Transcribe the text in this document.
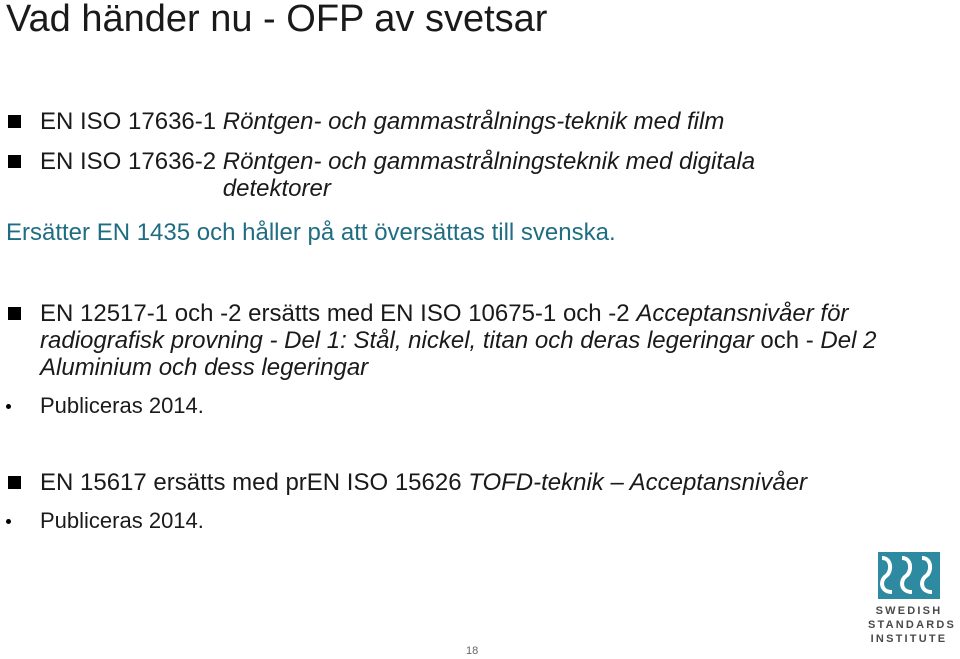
Vad händer nu - OFP av svetsar
EN ISO 17636-1 Röntgen- och gammastrålnings-teknik med film
EN ISO 17636-2 Röntgen- och gammastrålningsteknik med digitala detektorer
Ersätter EN 1435 och håller på att översättas till svenska.
EN 12517-1 och -2 ersätts med EN ISO 10675-1 och -2 Acceptansnivåer för radiografisk provning - Del 1: Stål, nickel, titan och deras legeringar och - Del 2 Aluminium och dess legeringar
Publiceras 2014.
EN 15617 ersätts med prEN ISO 15626 TOFD-teknik – Acceptansnivåer
Publiceras 2014.
SWEDISH
STANDARDS
INSTITUTE
18
